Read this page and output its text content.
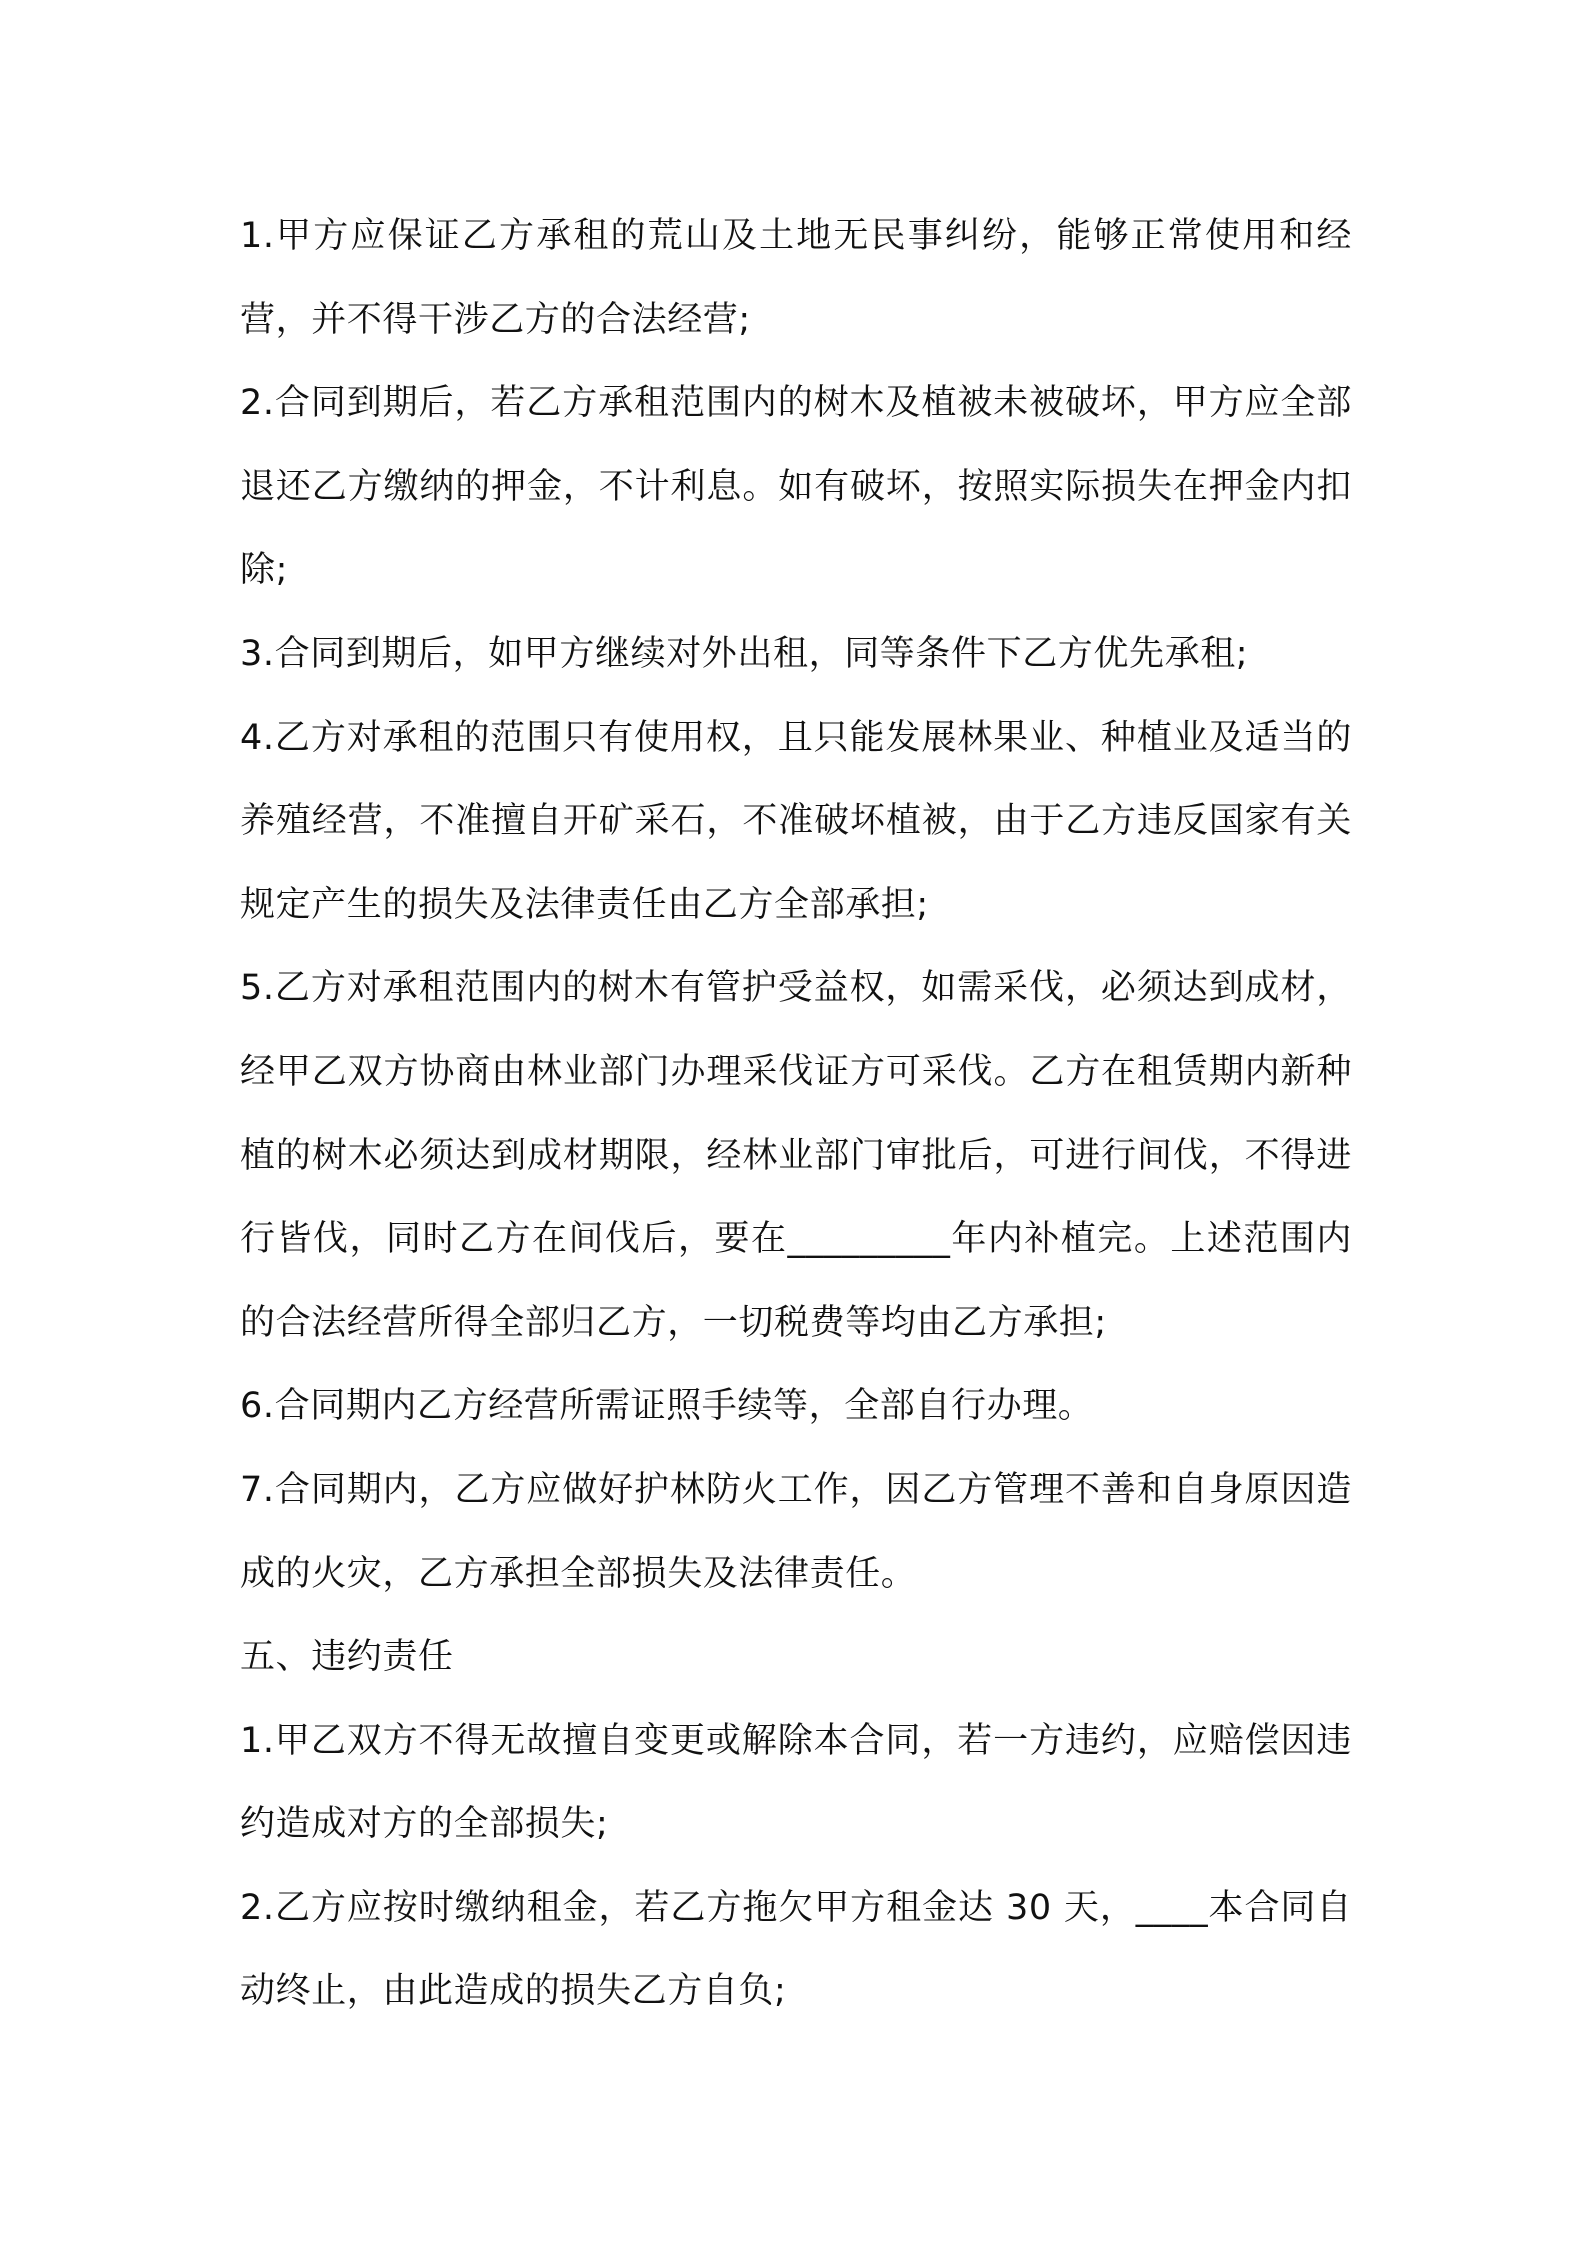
1.甲方应保证乙方承租的荒山及土地无民事纠纷，能够正常使用和经营，并不得干涉乙方的合法经营;

2.合同到期后，若乙方承租范围内的树木及植被未被破坏，甲方应全部退还乙方缴纳的押金，不计利息。如有破坏，按照实际损失在押金内扣除;

3.合同到期后，如甲方继续对外出租，同等条件下乙方优先承租;

4.乙方对承租的范围只有使用权，且只能发展林果业、种植业及适当的养殖经营，不准擅自开矿采石，不准破坏植被，由于乙方违反国家有关规定产生的损失及法律责任由乙方全部承担;

5.乙方对承租范围内的树木有管护受益权，如需采伐，必须达到成材，经甲乙双方协商由林业部门办理采伐证方可采伐。乙方在租赁期内新种植的树木必须达到成材期限，经林业部门审批后，可进行间伐，不得进行皆伐，同时乙方在间伐后，要在_________年内补植完。上述范围内的合法经营所得全部归乙方，一切税费等均由乙方承担;

6.合同期内乙方经营所需证照手续等，全部自行办理。

7.合同期内，乙方应做好护林防火工作，因乙方管理不善和自身原因造成的火灾，乙方承担全部损失及法律责任。

五、违约责任

1.甲乙双方不得无故擅自变更或解除本合同，若一方违约，应赔偿因违约造成对方的全部损失;

2.乙方应按时缴纳租金，若乙方拖欠甲方租金达 30 天，____本合同自动终止，由此造成的损失乙方自负;
